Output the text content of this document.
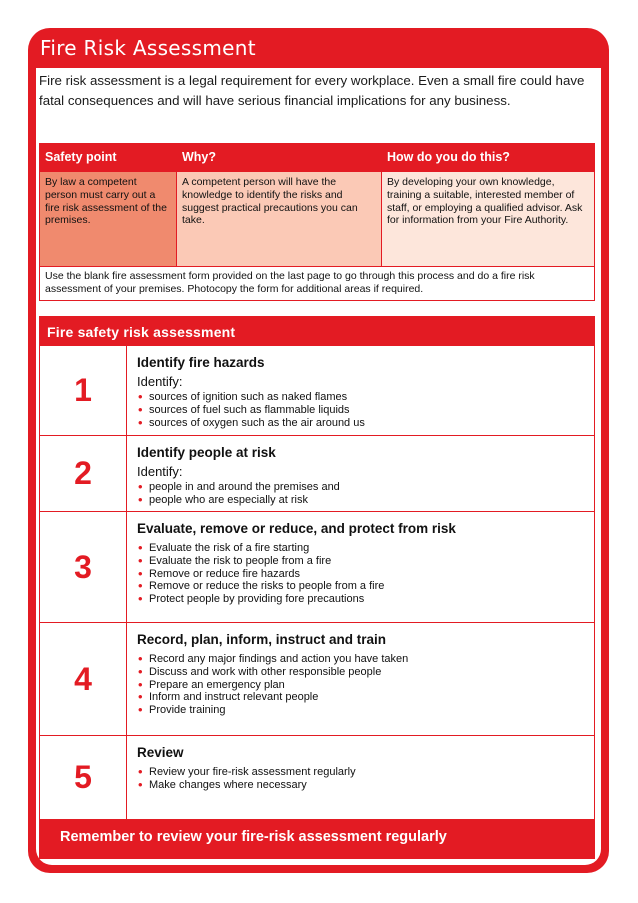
Fire Risk Assessment

Fire risk assessment is a legal requirement for every workplace. Even a small fire could have fatal consequences and will have serious financial implications for any business.

Safety point	Why?	How do you do this?
By law a competent person must carry out a fire risk assessment of the premises.	A competent person will have the knowledge to identify the risks and suggest practical precautions you can take.	By developing your own knowledge, training a suitable, interested member of staff, or employing a qualified advisor. Ask for information from your Fire Authority.
Use the blank fire assessment form provided on the last page to go through this process and do a fire risk assessment of your premises. Photocopy the form for additional areas if required.		
Fire safety risk assessment
1
Identify fire hazards
Identify:
• sources of ignition such as naked flames
• sources of fuel such as flammable liquids
• sources of oxygen such as the air around us
2
Identify people at risk
Identify:
• people in and around the premises and
• people who are especially at risk
3
Evaluate, remove or reduce, and protect from risk
• Evaluate the risk of a fire starting
• Evaluate the risk to people from a fire
• Remove or reduce fire hazards
• Remove or reduce the risks to people from a fire
• Protect people by providing fore precautions
4
Record, plan, inform, instruct and train
• Record any major findings and action you have taken
• Discuss and work with other responsible people
• Prepare an emergency plan
• Inform and instruct relevant people
• Provide training
5
Review
• Review your fire-risk assessment regularly
• Make changes where necessary
Remember to review your fire-risk assessment regularly
